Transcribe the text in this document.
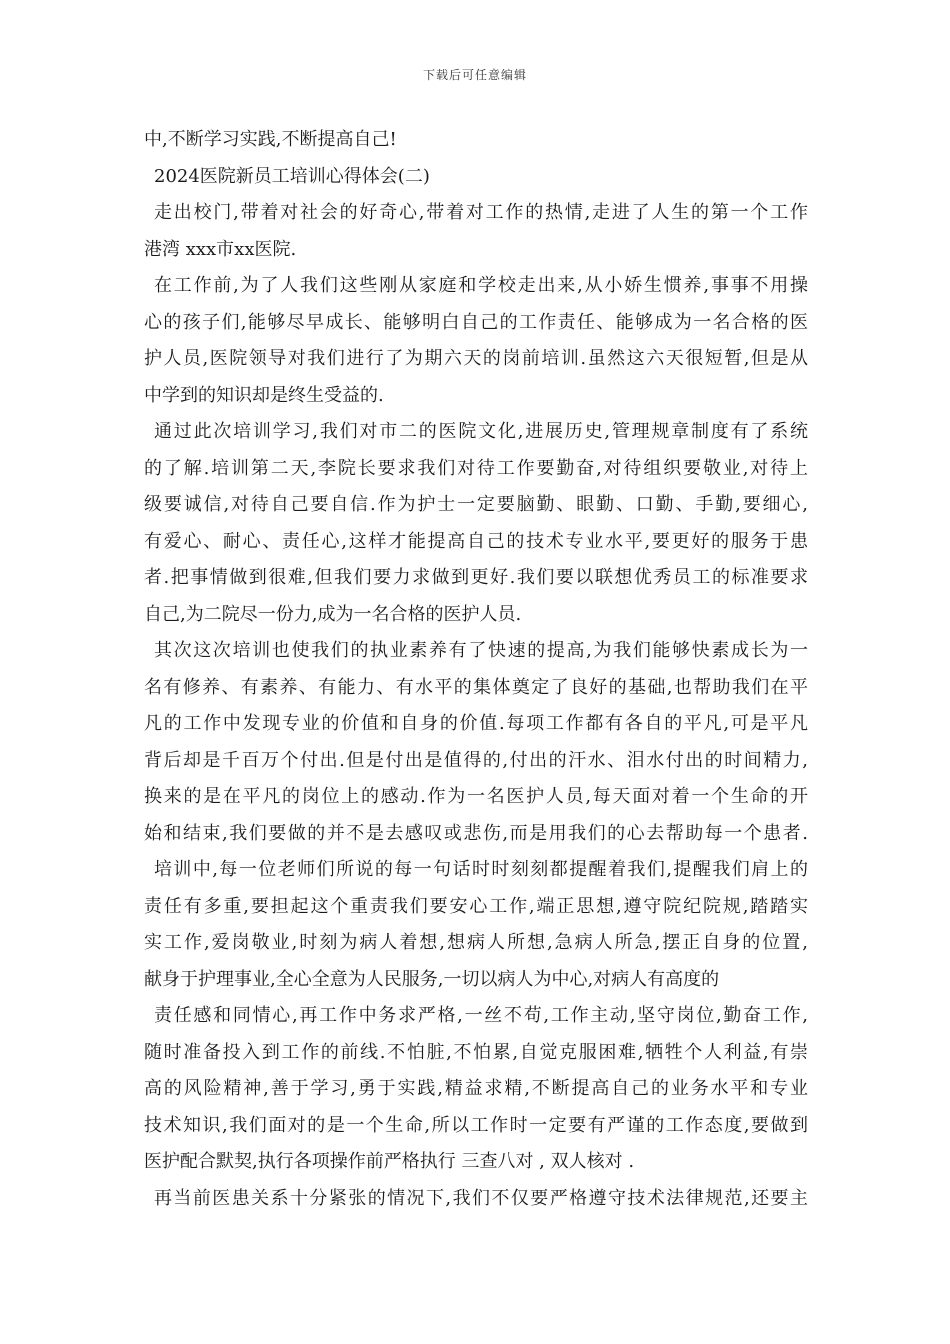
下载后可任意编辑
中,不断学习实践,不断提高自己!
2024医院新员工培训心得体会(二)
走出校门,带着对社会的好奇心,带着对工作的热情,走进了人生的第一个工作
港湾 xxx市xx医院.
在工作前,为了人我们这些刚从家庭和学校走出来,从小娇生惯养,事事不用操
心的孩子们,能够尽早成长、能够明白自己的工作责任、能够成为一名合格的医
护人员,医院领导对我们进行了为期六天的岗前培训.虽然这六天很短暂,但是从
中学到的知识却是终生受益的.
通过此次培训学习,我们对市二的医院文化,进展历史,管理规章制度有了系统
的了解.培训第二天,李院长要求我们对待工作要勤奋,对待组织要敬业,对待上
级要诚信,对待自己要自信.作为护士一定要脑勤、眼勤、口勤、手勤,要细心,
有爱心、耐心、责任心,这样才能提高自己的技术专业水平,要更好的服务于患
者.把事情做到很难,但我们要力求做到更好.我们要以联想优秀员工的标准要求
自己,为二院尽一份力,成为一名合格的医护人员.
其次这次培训也使我们的执业素养有了快速的提高,为我们能够快素成长为一
名有修养、有素养、有能力、有水平的集体奠定了良好的基础,也帮助我们在平
凡的工作中发现专业的价值和自身的价值.每项工作都有各自的平凡,可是平凡
背后却是千百万个付出.但是付出是值得的,付出的汗水、泪水付出的时间精力,
换来的是在平凡的岗位上的感动.作为一名医护人员,每天面对着一个生命的开
始和结束,我们要做的并不是去感叹或悲伤,而是用我们的心去帮助每一个患者.
培训中,每一位老师们所说的每一句话时时刻刻都提醒着我们,提醒我们肩上的
责任有多重,要担起这个重责我们要安心工作,端正思想,遵守院纪院规,踏踏实
实工作,爱岗敬业,时刻为病人着想,想病人所想,急病人所急,摆正自身的位置,
献身于护理事业,全心全意为人民服务,一切以病人为中心,对病人有高度的
责任感和同情心,再工作中务求严格,一丝不苟,工作主动,坚守岗位,勤奋工作,
随时准备投入到工作的前线.不怕脏,不怕累,自觉克服困难,牺牲个人利益,有崇
高的风险精神,善于学习,勇于实践,精益求精,不断提高自己的业务水平和专业
技术知识,我们面对的是一个生命,所以工作时一定要有严谨的工作态度,要做到
医护配合默契,执行各项操作前严格执行 三查八对 , 双人核对 .
再当前医患关系十分紧张的情况下,我们不仅要严格遵守技术法律规范,还要主
